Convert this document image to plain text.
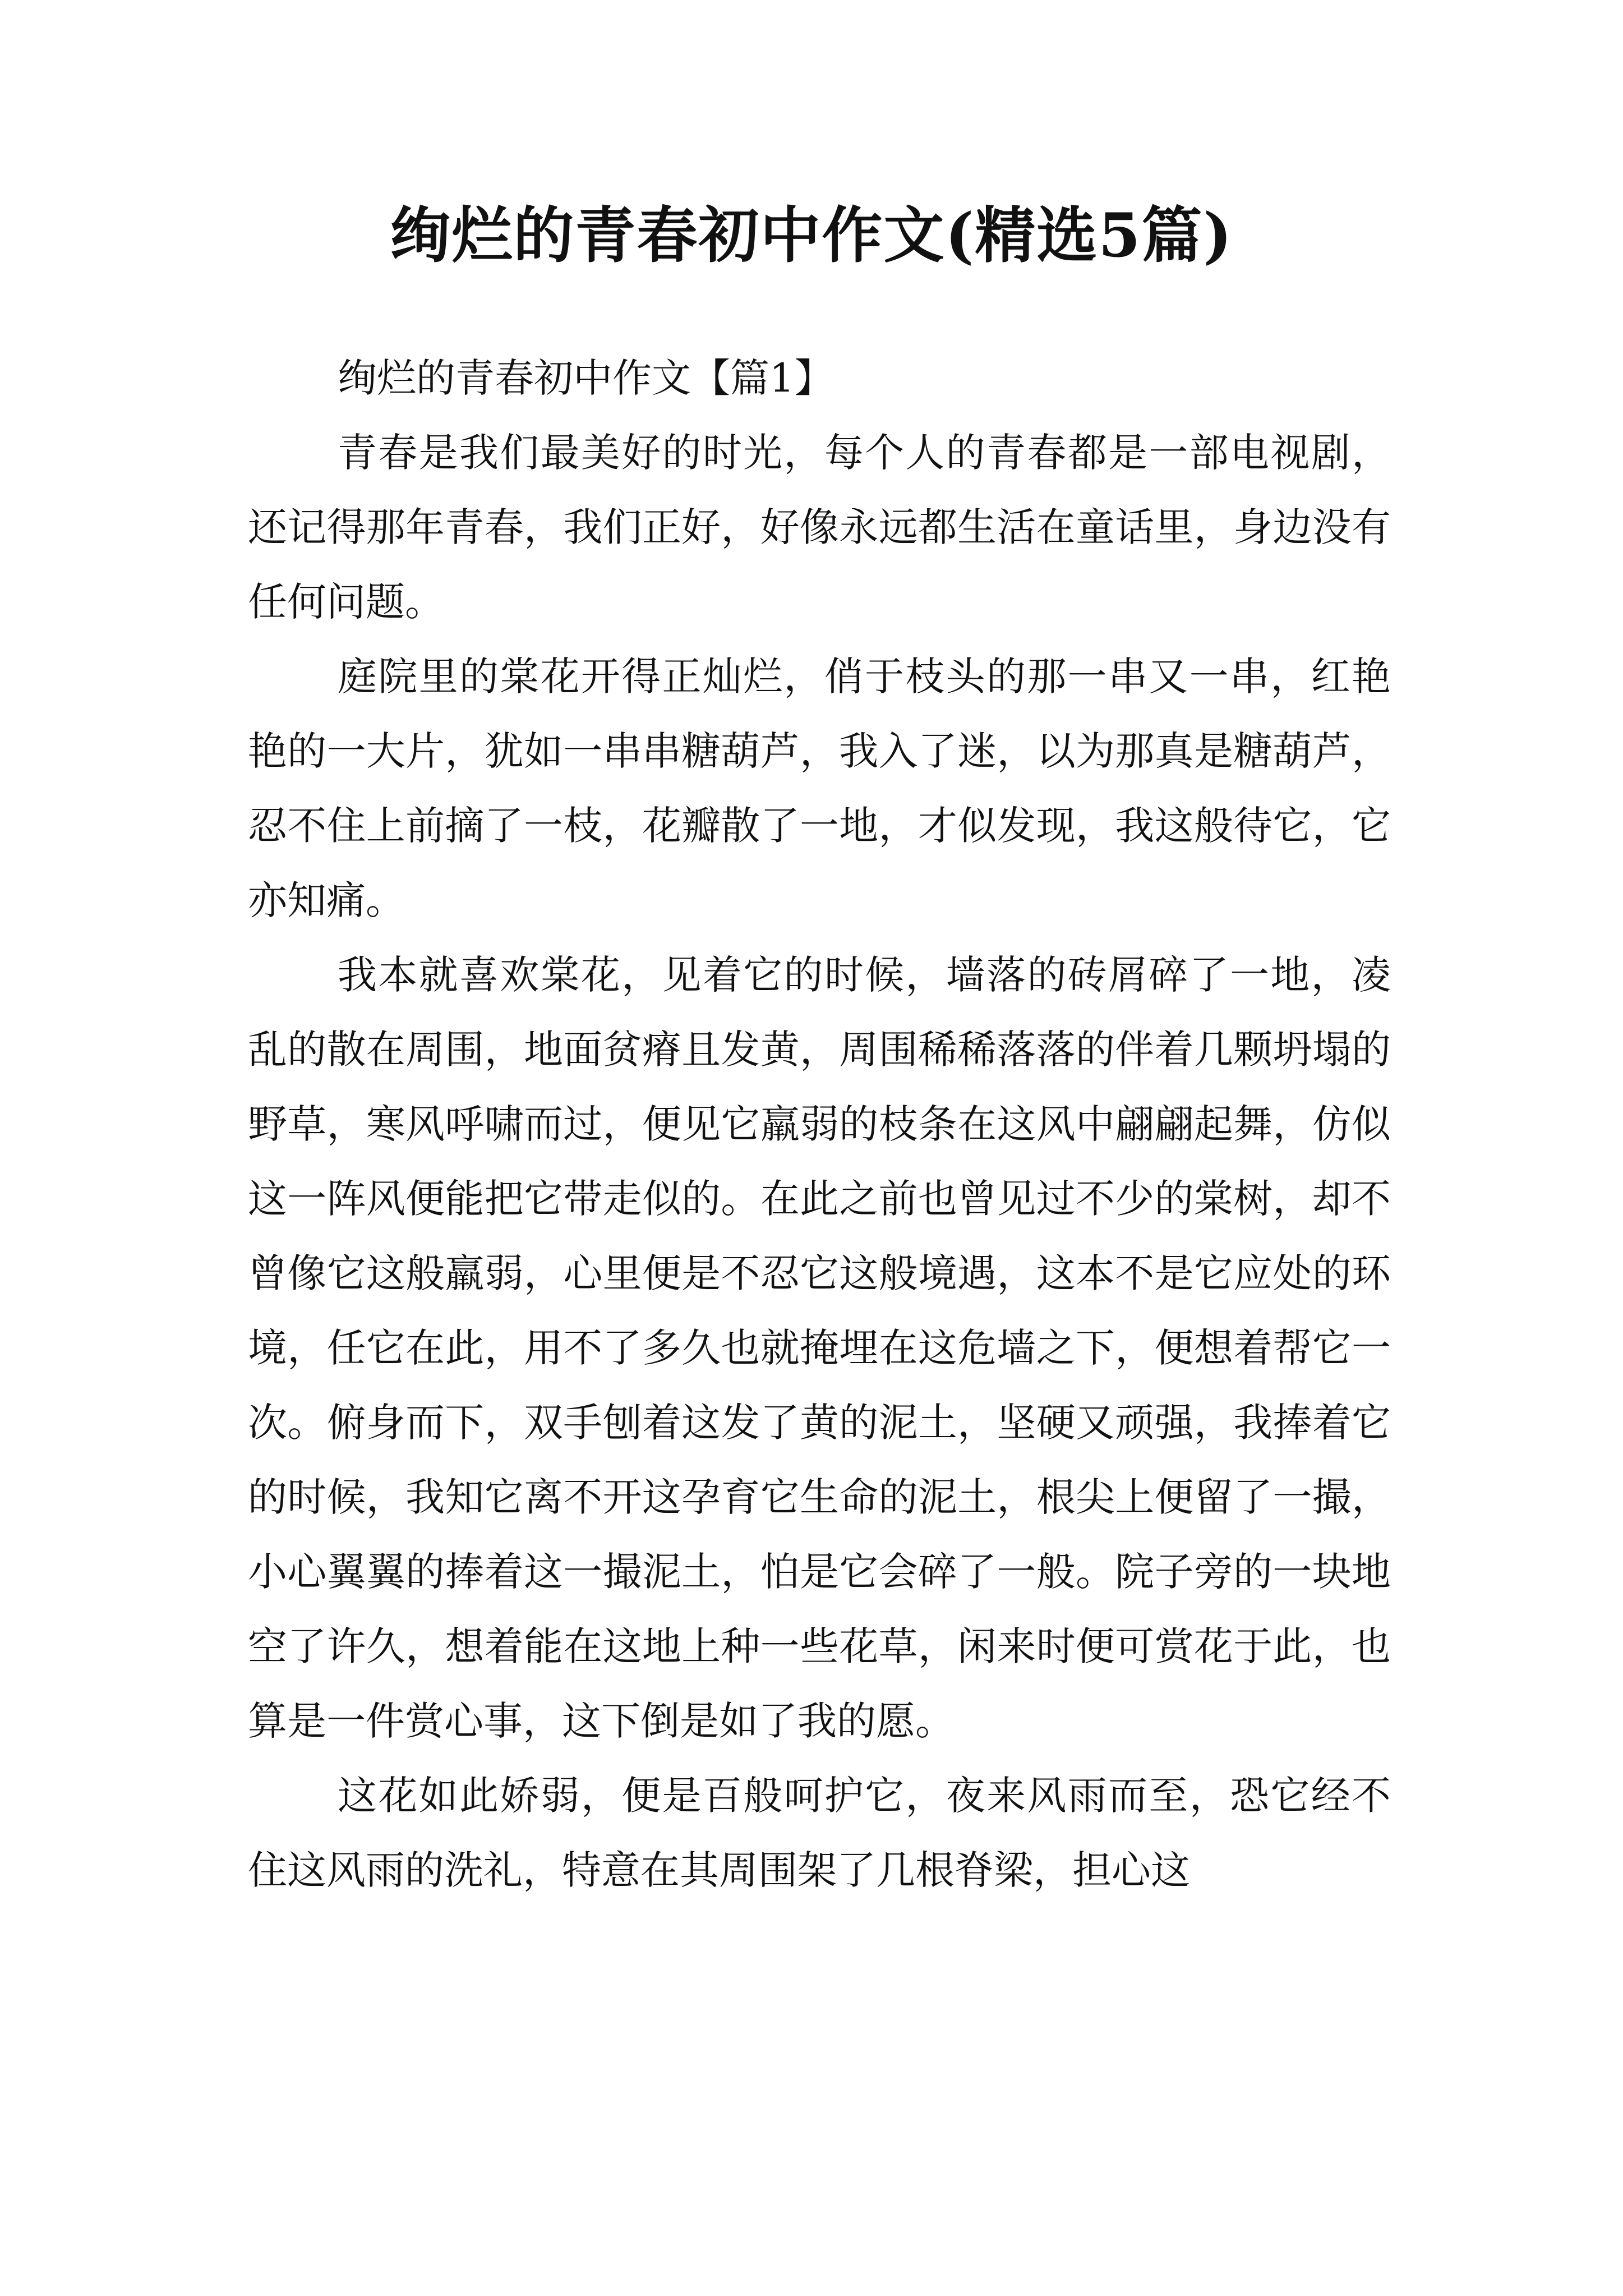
绚烂的青春初中作文(精选5篇)

绚烂的青春初中作文【篇1】

青春是我们最美好的时光，每个人的青春都是一部电视剧，还记得那年青春，我们正好，好像永远都生活在童话里，身边没有任何问题。

庭院里的棠花开得正灿烂，俏于枝头的那一串又一串，红艳艳的一大片，犹如一串串糖葫芦，我入了迷，以为那真是糖葫芦，忍不住上前摘了一枝，花瓣散了一地，才似发现，我这般待它，它亦知痛。

我本就喜欢棠花，见着它的时候，墙落的砖屑碎了一地，凌乱的散在周围，地面贫瘠且发黄，周围稀稀落落的伴着几颗坍塌的野草，寒风呼啸而过，便见它羸弱的枝条在这风中翩翩起舞，仿似这一阵风便能把它带走似的。在此之前也曾见过不少的棠树，却不曾像它这般羸弱，心里便是不忍它这般境遇，这本不是它应处的环境，任它在此，用不了多久也就掩埋在这危墙之下，便想着帮它一次。俯身而下，双手刨着这发了黄的泥土，坚硬又顽强，我捧着它的时候，我知它离不开这孕育它生命的泥土，根尖上便留了一撮，小心翼翼的捧着这一撮泥土，怕是它会碎了一般。院子旁的一块地空了许久，想着能在这地上种一些花草，闲来时便可赏花于此，也算是一件赏心事，这下倒是如了我的愿。

这花如此娇弱，便是百般呵护它，夜来风雨而至，恐它经不住这风雨的洗礼，特意在其周围架了几根脊梁，担心这
